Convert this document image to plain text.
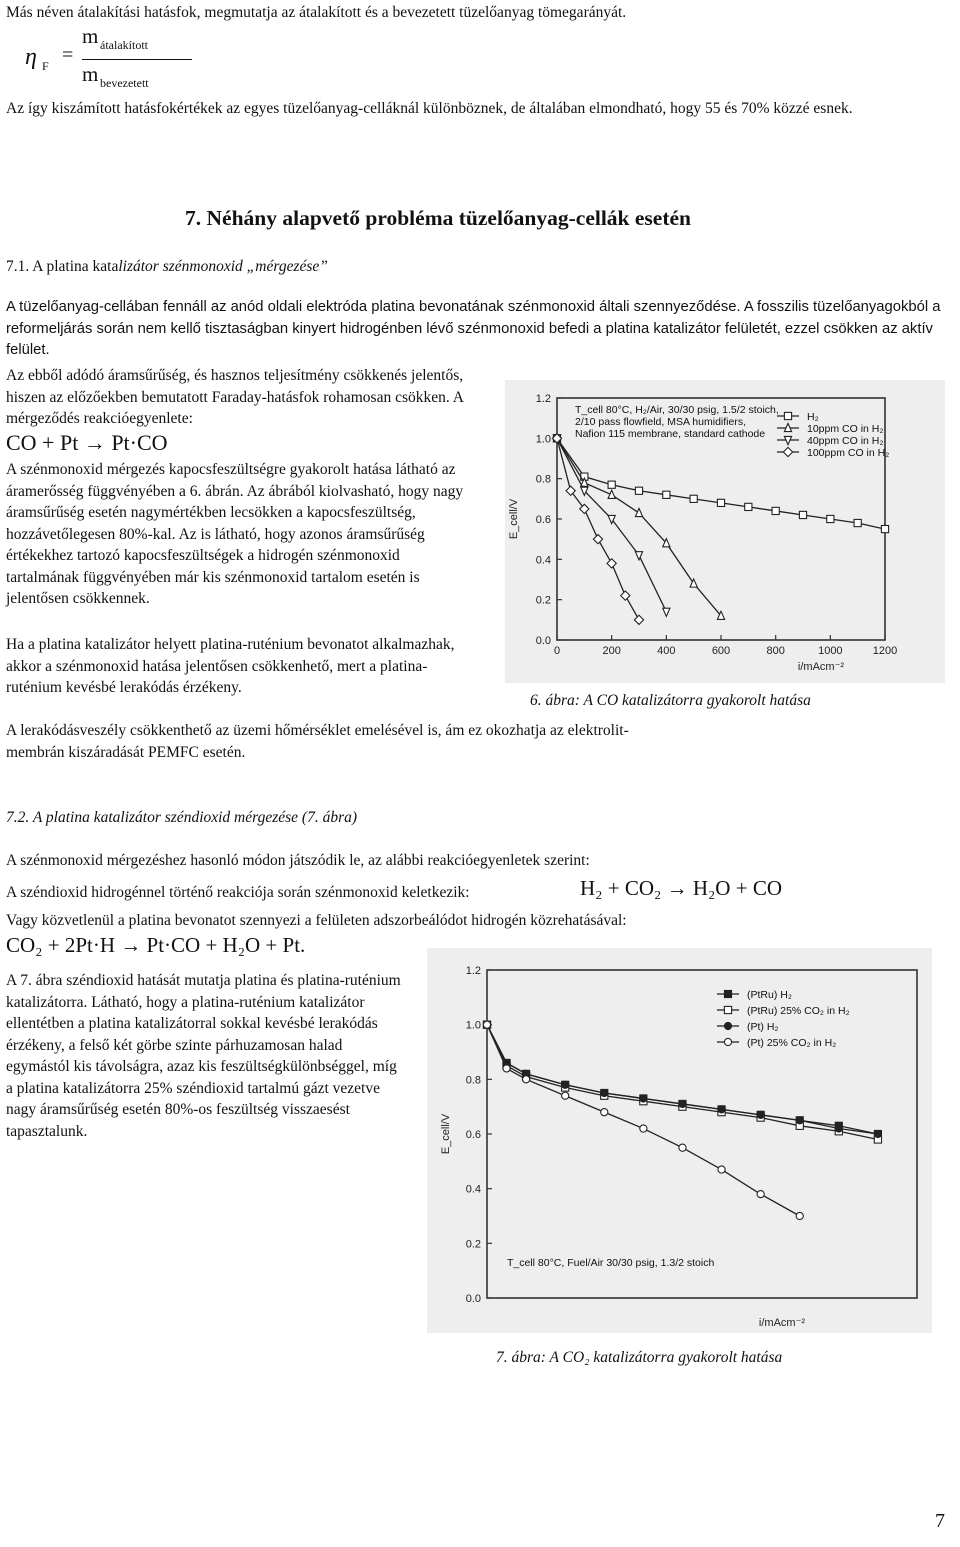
Más néven átalakítási hatásfok, megmutatja az átalakított és a bevezetett tüzelőanyag tömegarányát.
η F =
m átalakított
m bevezetett
Az így kiszámított hatásfokértékek az egyes tüzelőanyag-celláknál különböznek, de általában elmondható, hogy 55 és 70% közzé esnek.
7. Néhány alapvető probléma tüzelőanyag-cellák esetén
7.1. A platina katalizátor szénmonoxid „mérgezése”
A tüzelőanyag-cellában fennáll az anód oldali elektróda platina bevonatának szénmonoxid általi szennyeződése. A fosszilis tüzelőanyagokból a reformeljárás során nem kellő tisztaságban kinyert hidrogénben lévő szénmonoxid befedi a platina katalizátor felületét, ezzel csökken az aktív felület.
Az ebből adódó áramsűrűség, és hasznos teljesítmény csökkenés jelentős, hiszen az előzőekben bemutatott Faraday-hatásfok rohamosan csökken. A mérgeződés reakcióegyenlete:
CO + Pt → Pt·CO
A szénmonoxid mérgezés kapocsfeszültségre gyakorolt hatása látható az áramerősség függvényében a 6. ábrán. Az ábrából kiolvasható, hogy nagy áramsűrűség esetén nagymértékben lecsökken a kapocsfeszültség, hozzávetőlegesen 80%-kal. Az is látható, hogy azonos áramsűrűség értékekhez tartozó kapocsfeszültségek a hidrogén szénmonoxid tartalmának függvényében már kis szénmonoxid tartalom esetén is jelentősen csökkennek.
Ha a platina katalizátor helyett platina-ruténium bevonatot alkalmazhak, akkor a szénmonoxid hatása jelentősen csökkenhető, mert a platina-ruténium kevésbé lerakódás érzékeny.
A lerakódásveszély csökkenthető az üzemi hőmérséklet emelésével is, ám ez okozhatja az elektrolit-membrán kiszáradását PEMFC esetén.
0.0
0.2
0.4
0.6
0.8
1.0
1.2
0	200	400	600	800	1000	1200
E_cell/V
i/mAcm⁻²
T_cell 80°C, H₂/Air, 30/30 psig, 1.5/2 stoich,
2/10 pass flowfield, MSA humidifiers,
Nafion 115 membrane, standard cathode
H₂
10ppm CO in H₂
40ppm CO in H₂
100ppm CO in H₂
6. ábra: A CO katalizátorra gyakorolt hatása
7.2. A platina katalizátor széndioxid mérgezése (7. ábra)
A szénmonoxid mérgezéshez hasonló módon játszódik le, az alábbi reakcióegyenletek szerint:
A széndioxid hidrogénnel történő reakciója során szénmonoxid keletkezik:	H₂ + CO₂ → H₂O + CO
Vagy közvetlenül a platina bevonatot szennyezi a felületen adszorbeálódot hidrogén közrehatásával:
CO₂ + 2Pt·H → Pt·CO + H₂O + Pt.
A 7. ábra széndioxid hatását mutatja platina és platina-ruténium katalizátorra. Látható, hogy a platina-ruténium katalizátor ellentétben a platina katalizátorral sokkal kevésbé lerakódás érzékeny, a felső két görbe szinte párhuzamosan halad egymástól kis távolságra, azaz kis feszültségkülönbséggel, míg a platina katalizátorra 25% széndioxid tartalmú gázt vezetve nagy áramsűrűség esetén 80%-os feszültség visszaesést tapasztalunk.
0.0
0.2
0.4
0.6
0.8
1.0
1.2
E_cell/V
i/mAcm⁻²
T_cell 80°C, Fuel/Air 30/30 psig, 1.3/2 stoich
(PtRu) H₂
(PtRu) 25% CO₂ in H₂
(Pt) H₂
(Pt) 25% CO₂ in H₂
7. ábra: A CO₂ katalizátorra gyakorolt hatása
7
